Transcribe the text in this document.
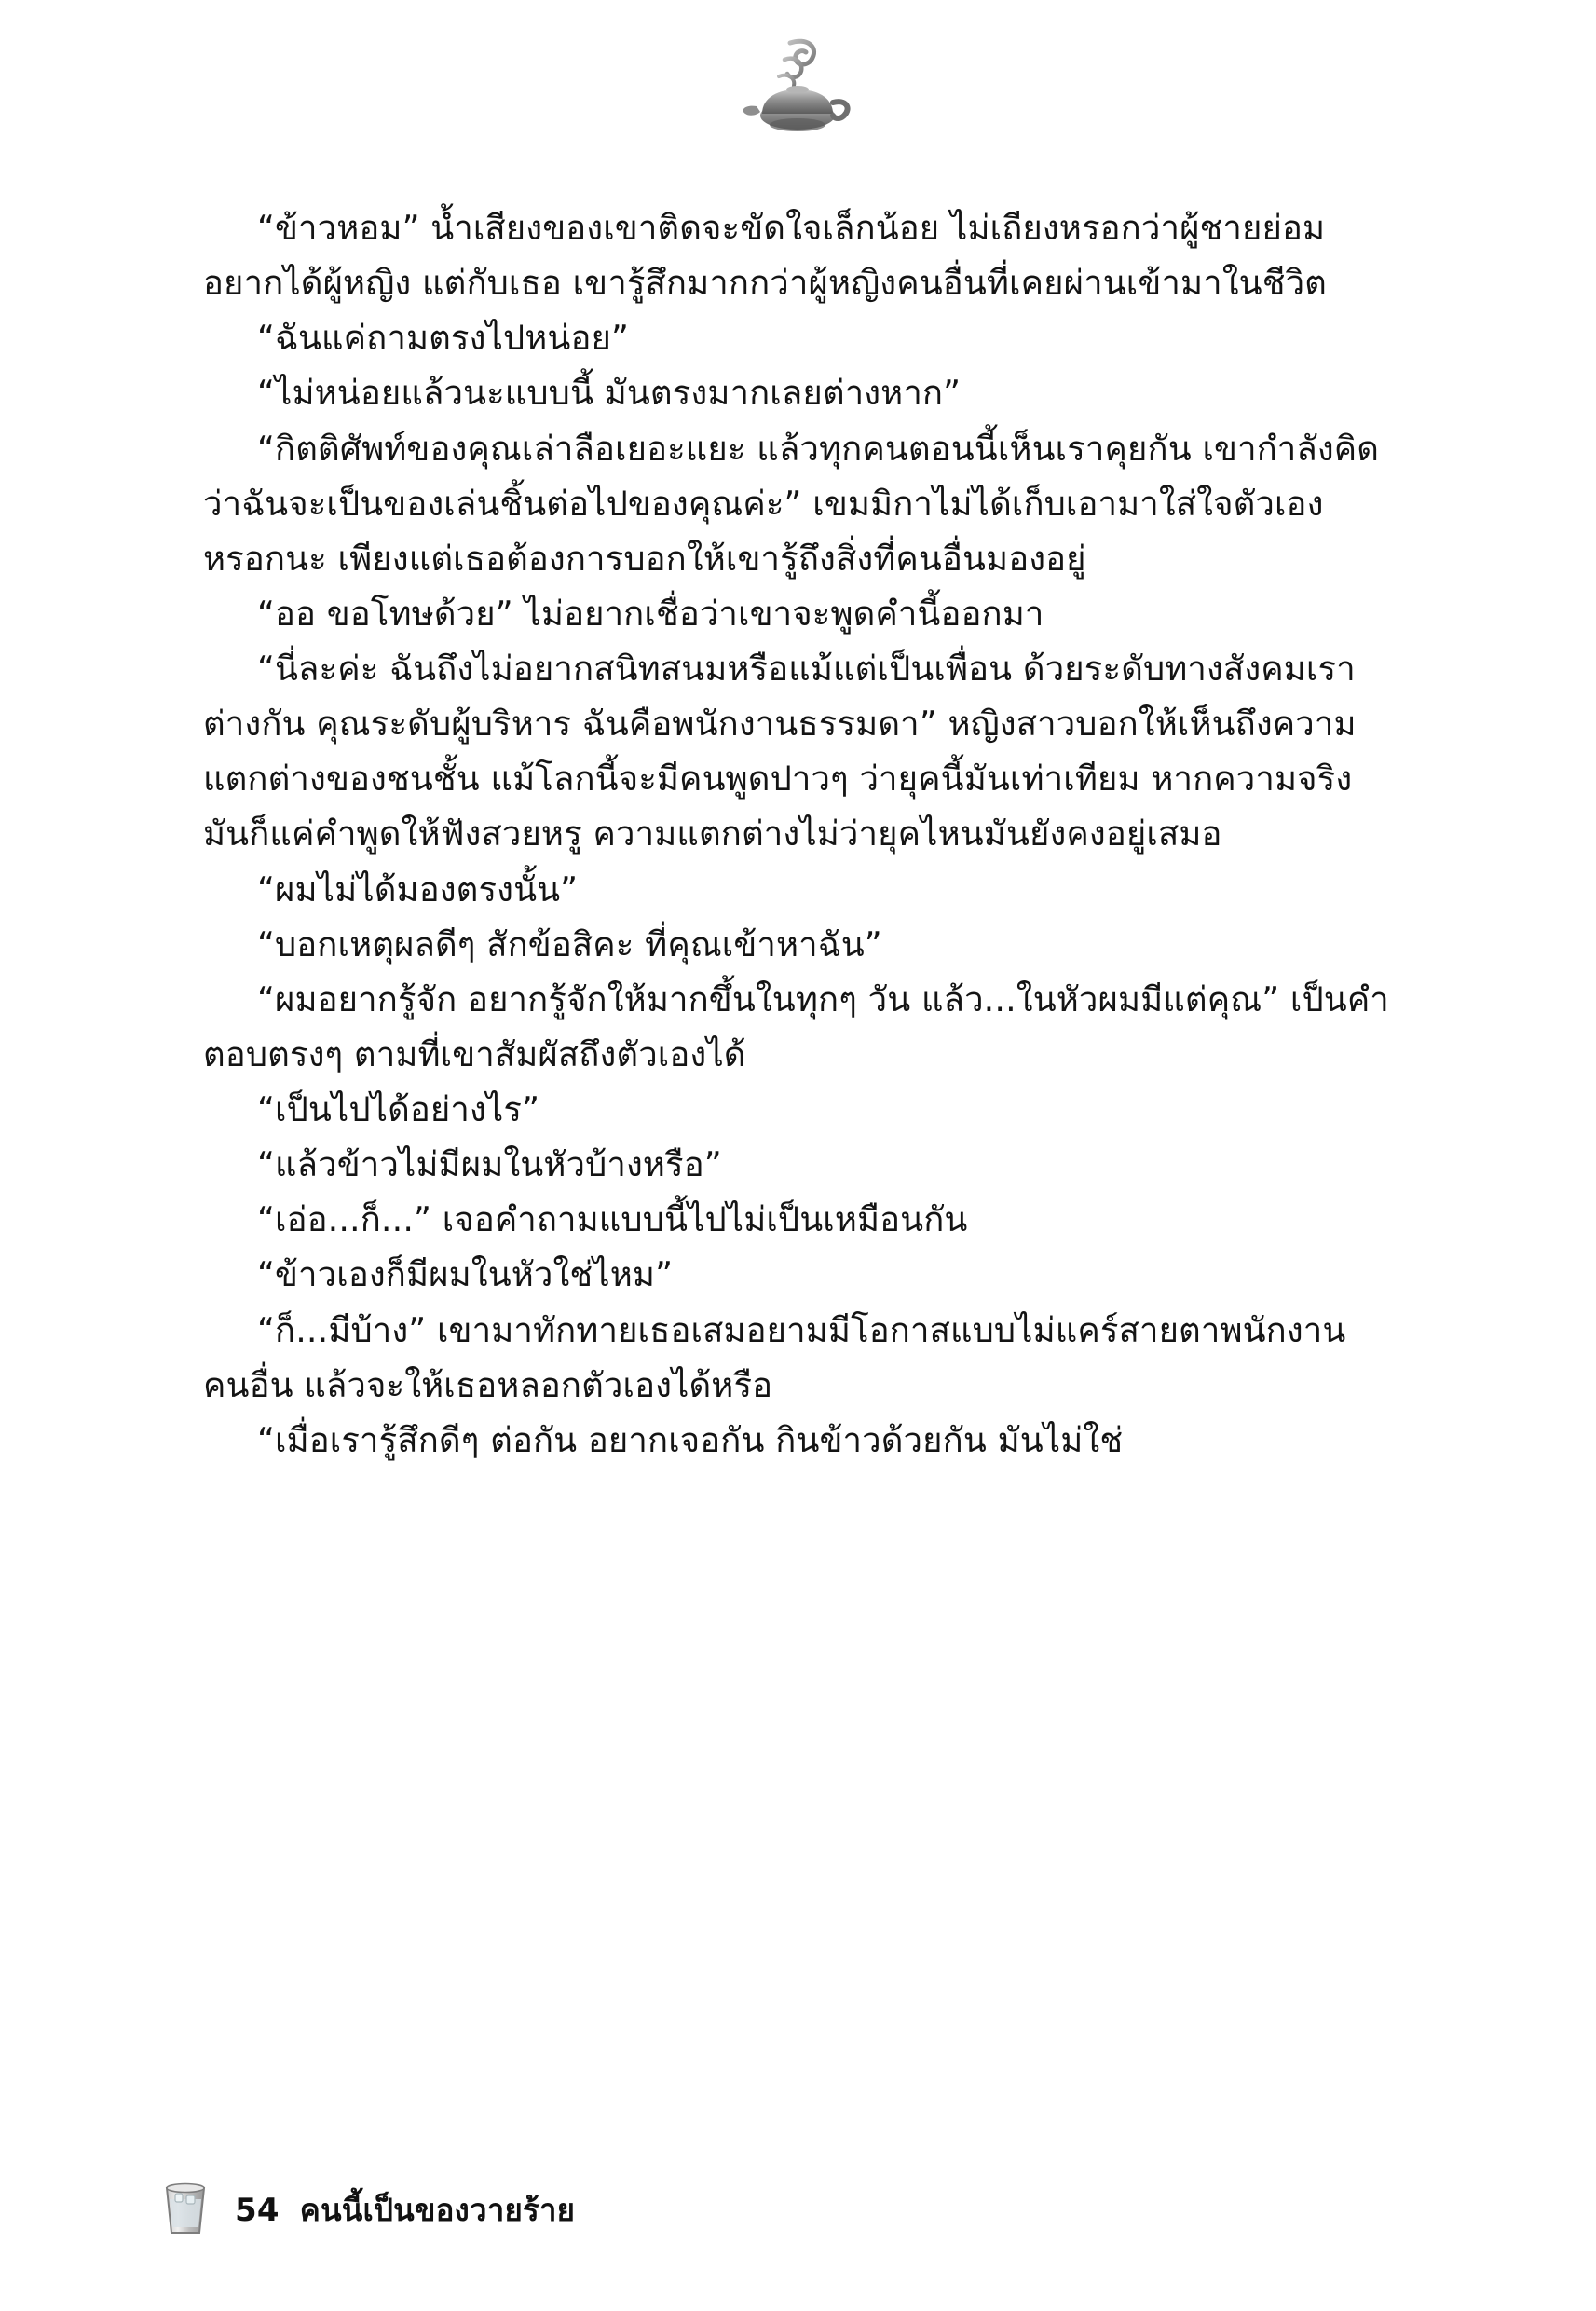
“ข้าวหอม” น้ำเสียงของเขาติดจะขัดใจเล็กน้อย ไม่เถียงหรอกว่าผู้ชายย่อมอยากได้ผู้หญิง แต่กับเธอ เขารู้สึกมากกว่าผู้หญิงคนอื่นที่เคยผ่านเข้ามาในชีวิต

“ฉันแค่ถามตรงไปหน่อย”

“ไม่หน่อยแล้วนะแบบนี้ มันตรงมากเลยต่างหาก”

“กิตติศัพท์ของคุณเล่าลือเยอะแยะ แล้วทุกคนตอนนี้เห็นเราคุยกัน เขากำลังคิดว่าฉันจะเป็นของเล่นชิ้นต่อไปของคุณค่ะ” เขมมิกาไม่ได้เก็บเอามาใส่ใจตัวเองหรอกนะ เพียงแต่เธอต้องการบอกให้เขารู้ถึงสิ่งที่คนอื่นมองอยู่

“ออ ขอโทษด้วย” ไม่อยากเชื่อว่าเขาจะพูดคำนี้ออกมา

“นี่ละค่ะ ฉันถึงไม่อยากสนิทสนมหรือแม้แต่เป็นเพื่อน ด้วยระดับทางสังคมเราต่างกัน คุณระดับผู้บริหาร ฉันคือพนักงานธรรมดา” หญิงสาวบอกให้เห็นถึงความแตกต่างของชนชั้น แม้โลกนี้จะมีคนพูดปาวๆ ว่ายุคนี้มันเท่าเทียม หากความจริงมันก็แค่คำพูดให้ฟังสวยหรู ความแตกต่างไม่ว่ายุคไหนมันยังคงอยู่เสมอ

“ผมไม่ได้มองตรงนั้น”

“บอกเหตุผลดีๆ สักข้อสิคะ ที่คุณเข้าหาฉัน”

“ผมอยากรู้จัก อยากรู้จักให้มากขึ้นในทุกๆ วัน แล้ว...ในหัวผมมีแต่คุณ” เป็นคำตอบตรงๆ ตามที่เขาสัมผัสถึงตัวเองได้

“เป็นไปได้อย่างไร”

“แล้วข้าวไม่มีผมในหัวบ้างหรือ”

“เอ่อ...ก็...” เจอคำถามแบบนี้ไปไม่เป็นเหมือนกัน

“ข้าวเองก็มีผมในหัวใช่ไหม”

“ก็...มีบ้าง” เขามาทักทายเธอเสมอยามมีโอกาสแบบไม่แคร์สายตาพนักงานคนอื่น แล้วจะให้เธอหลอกตัวเองได้หรือ

“เมื่อเรารู้สึกดีๆ ต่อกัน อยากเจอกัน กินข้าวด้วยกัน มันไม่ใช่

54 คนนี้เป็นของวายร้าย
